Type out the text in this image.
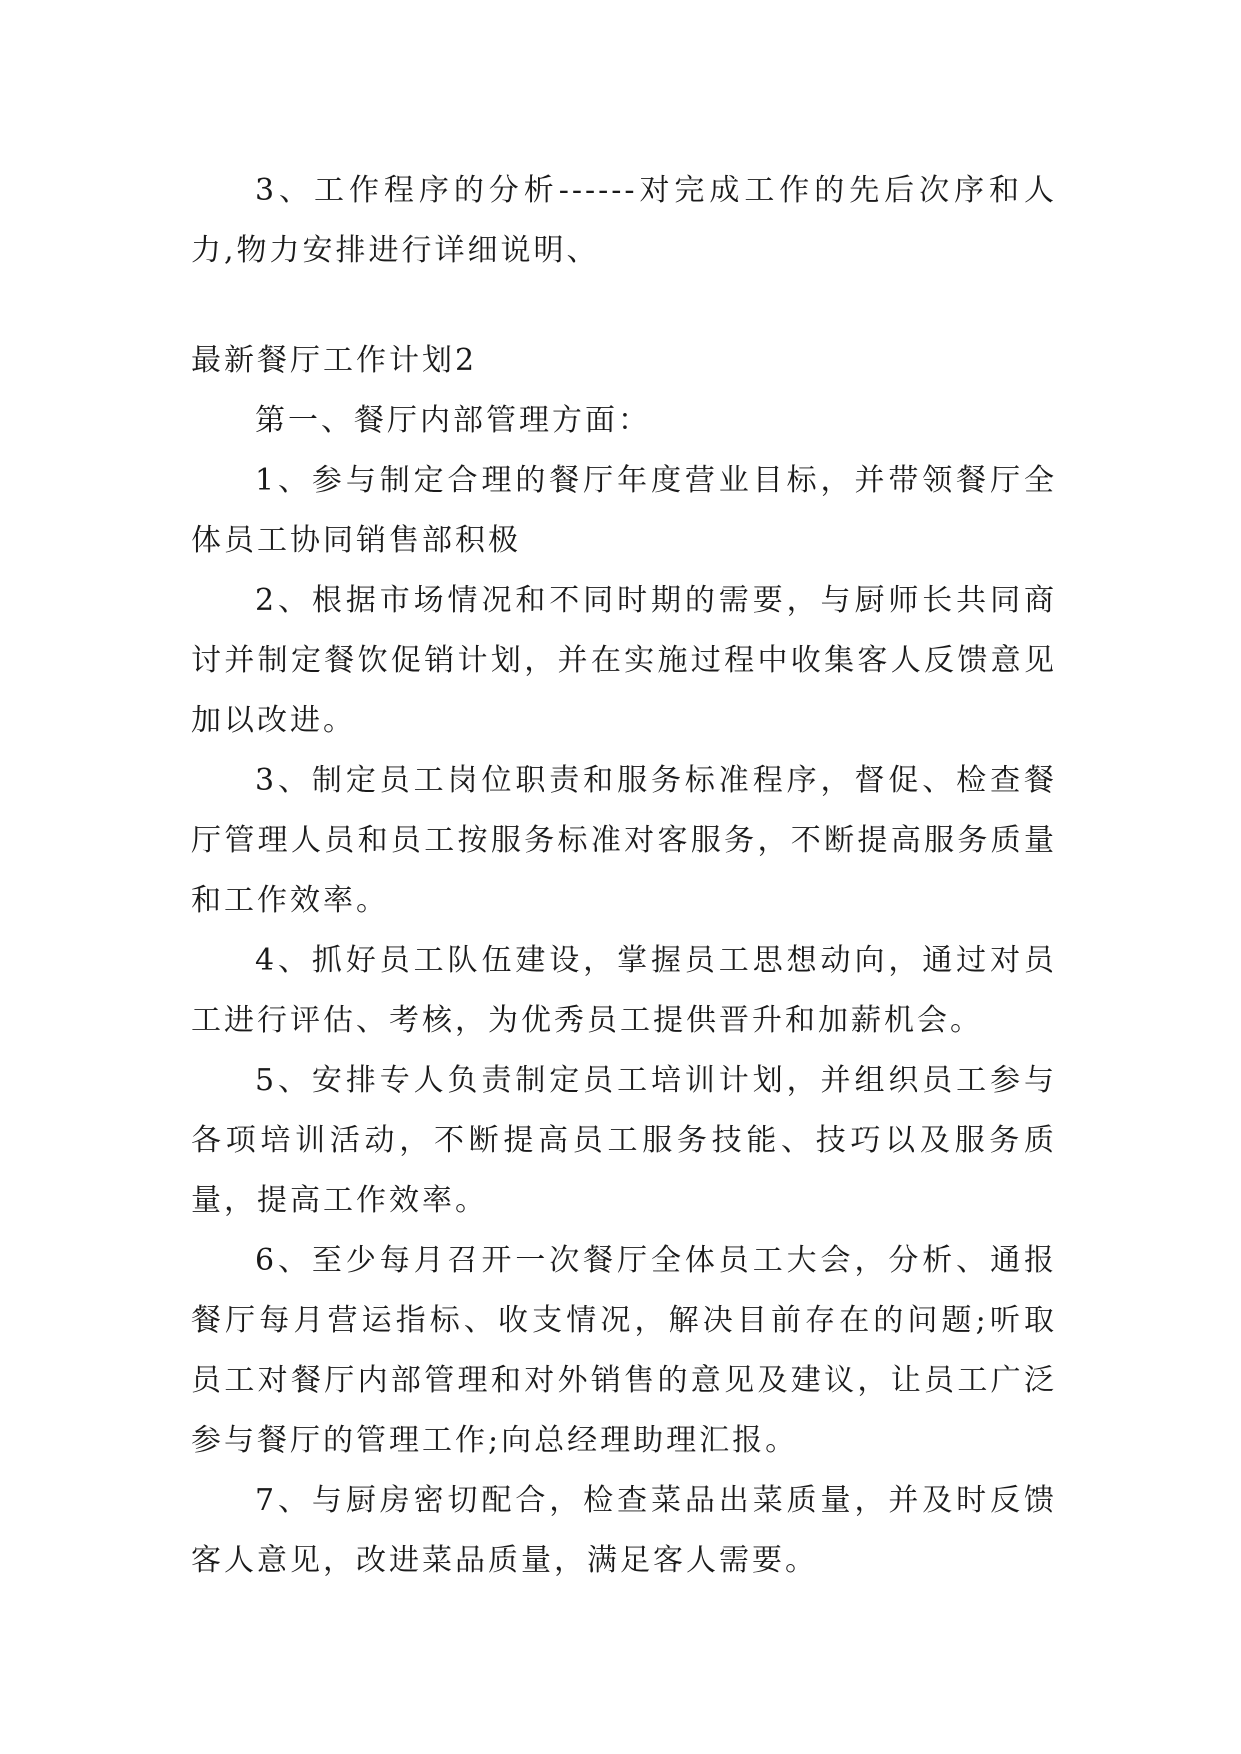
3、工作程序的分析------对完成工作的先后次序和人力,物力安排进行详细说明、

最新餐厅工作计划2

第一、餐厅内部管理方面：

1、参与制定合理的餐厅年度营业目标，并带领餐厅全体员工协同销售部积极

2、根据市场情况和不同时期的需要，与厨师长共同商讨并制定餐饮促销计划，并在实施过程中收集客人反馈意见加以改进。

3、制定员工岗位职责和服务标准程序，督促、检查餐厅管理人员和员工按服务标准对客服务，不断提高服务质量和工作效率。

4、抓好员工队伍建设，掌握员工思想动向，通过对员工进行评估、考核，为优秀员工提供晋升和加薪机会。

5、安排专人负责制定员工培训计划，并组织员工参与各项培训活动，不断提高员工服务技能、技巧以及服务质量，提高工作效率。

6、至少每月召开一次餐厅全体员工大会，分析、通报餐厅每月营运指标、收支情况，解决目前存在的问题;听取员工对餐厅内部管理和对外销售的意见及建议，让员工广泛参与餐厅的管理工作;向总经理助理汇报。

7、与厨房密切配合，检查菜品出菜质量，并及时反馈客人意见，改进菜品质量，满足客人需要。
